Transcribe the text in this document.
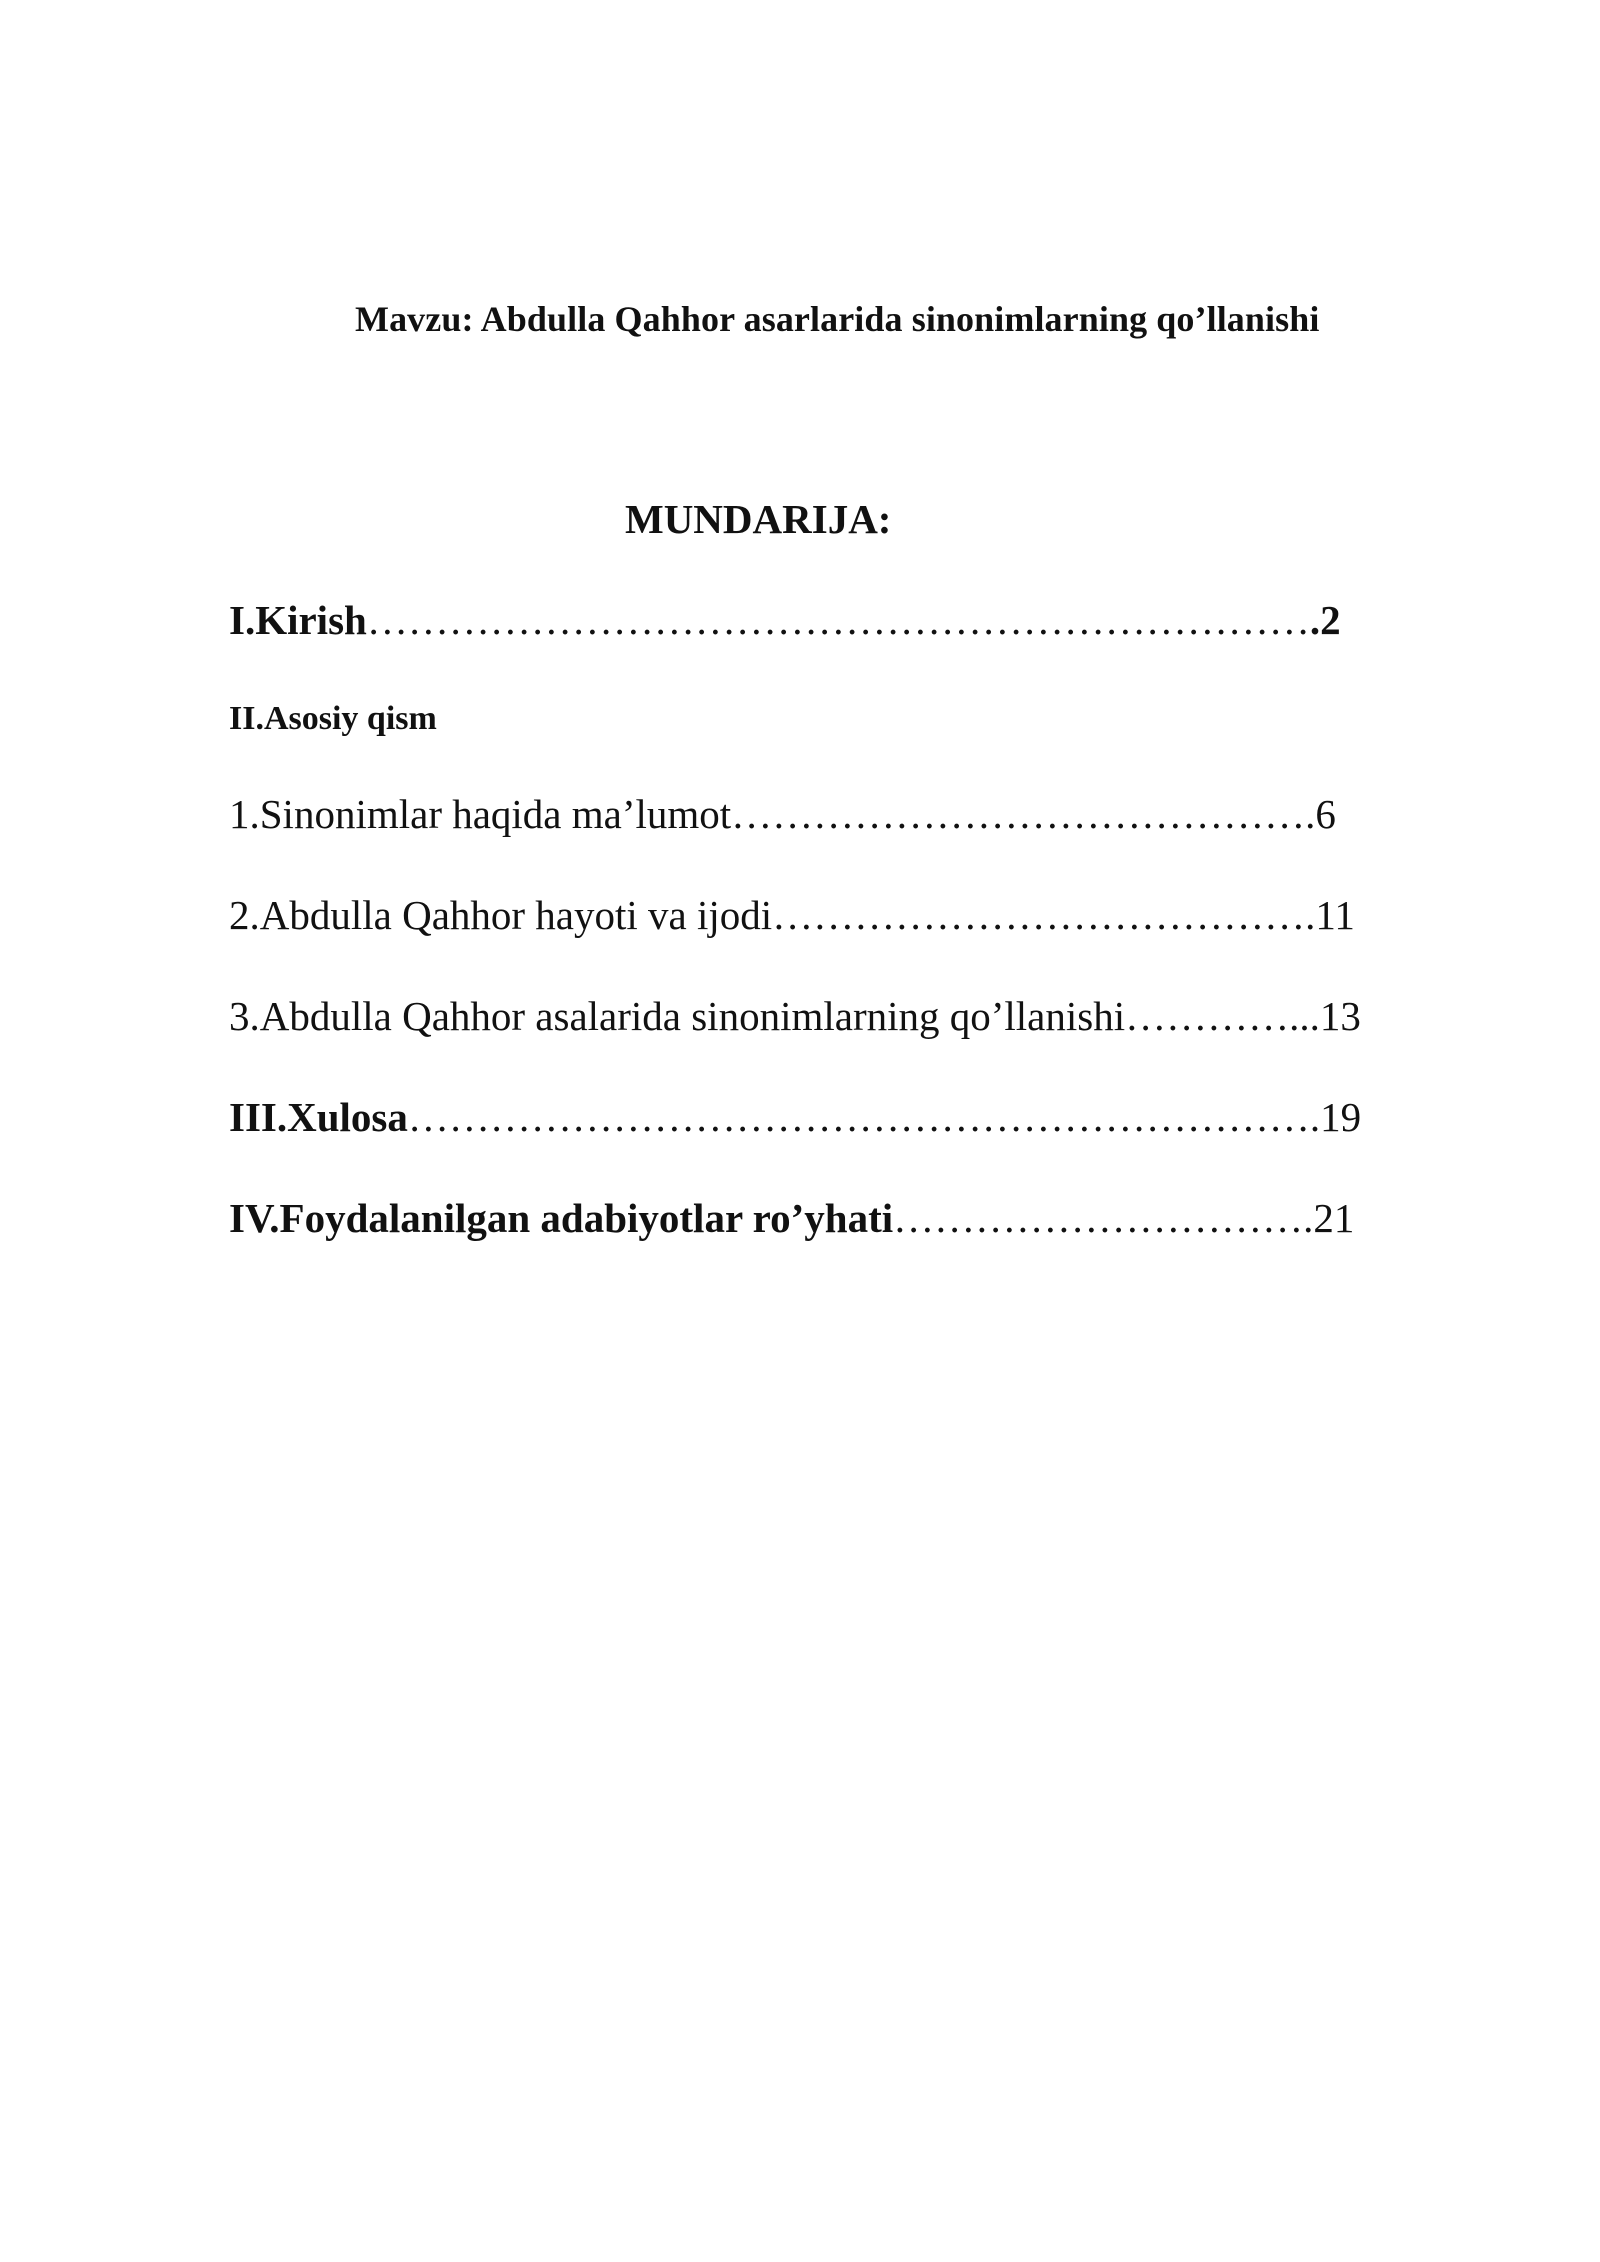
Mavzu: Abdulla Qahhor asarlarida sinonimlarning qo’llanishi
MUNDARIJA:
I.Kirish…………………………………………………………….2
II.Asosiy qism
1.Sinonimlar haqida ma’lumot…………………………………….6
2.Abdulla Qahhor hayoti va ijodi………………………………….11
3.Abdulla Qahhor asalarida sinonimlarning qo’llanishi…………...13
III.Xulosa………………………………………………………….19
IV.Foydalanilgan adabiyotlar ro’yhati………………………….21
